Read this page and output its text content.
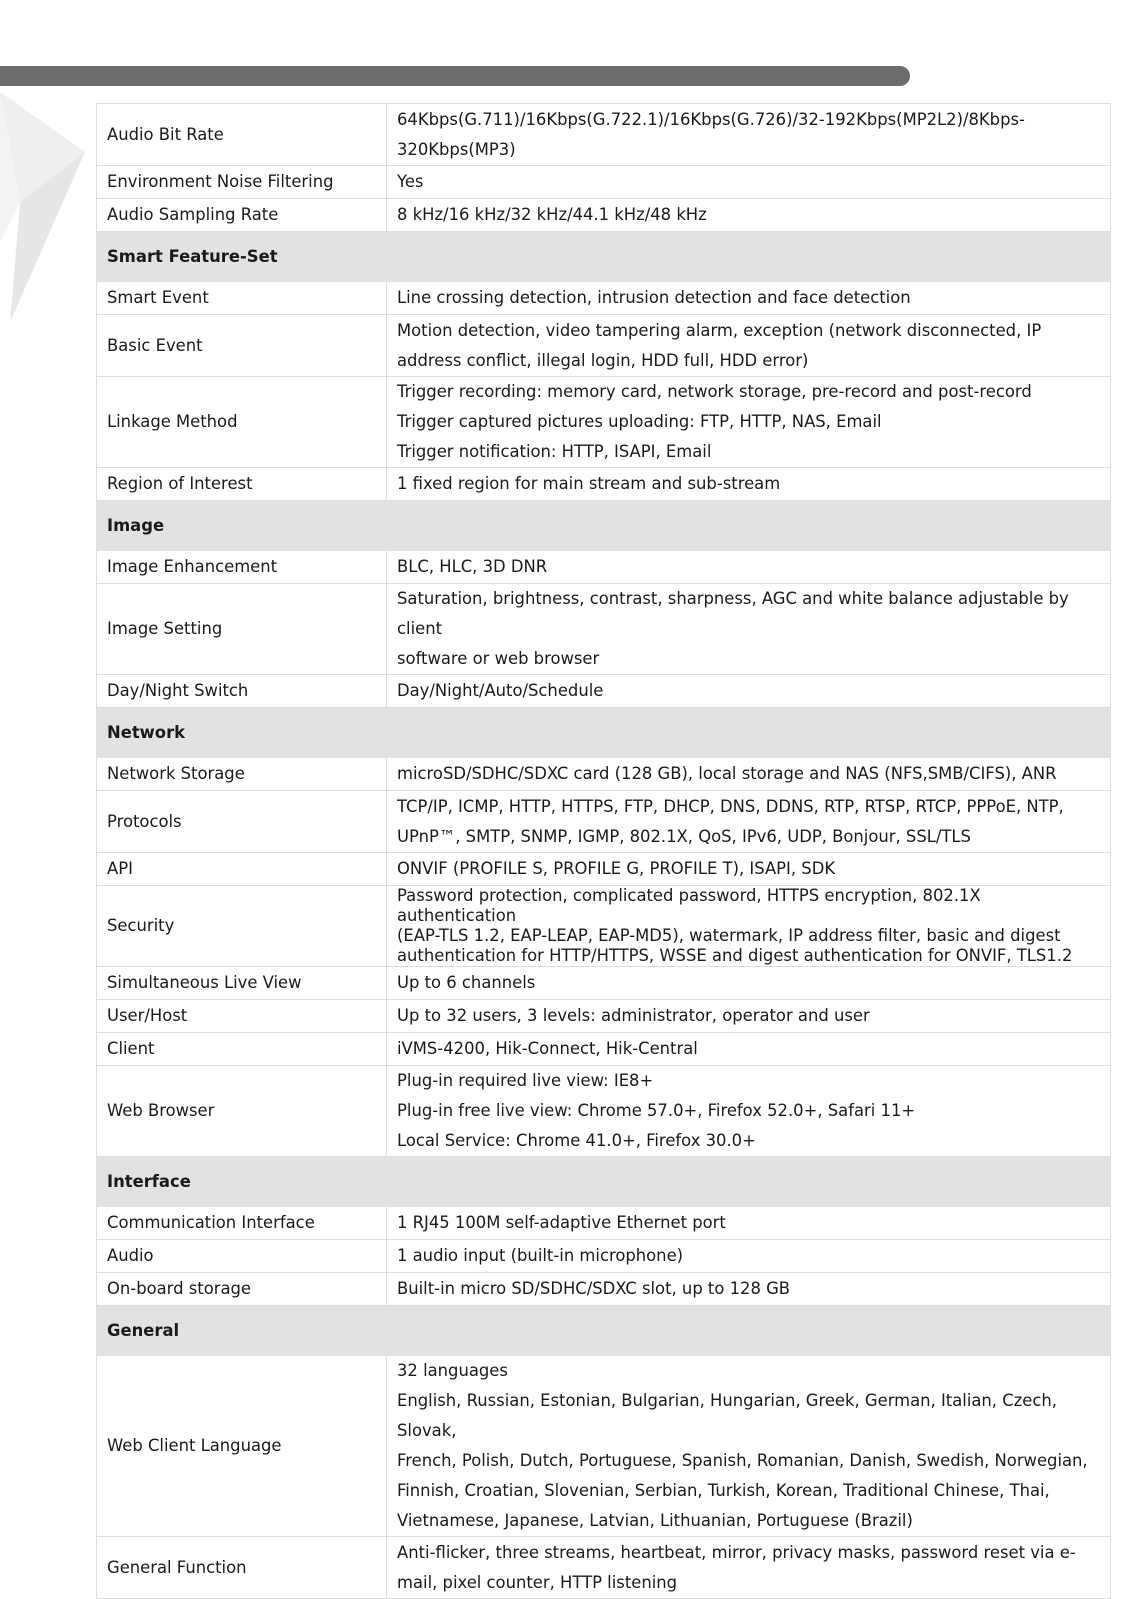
Audio Bit Rate	64Kbps(G.711)/16Kbps(G.722.1)/16Kbps(G.726)/32-192Kbps(MP2L2)/8Kbps-
320Kbps(MP3)

Environment Noise Filtering	Yes

Audio Sampling Rate	8 kHz/16 kHz/32 kHz/44.1 kHz/48 kHz

Smart Feature-Set	
Smart Event	Line crossing detection, intrusion detection and face detection

Basic Event	Motion detection, video tampering alarm, exception (network disconnected, IP
address conflict, illegal login, HDD full, HDD error)

Linkage Method	Trigger recording: memory card, network storage, pre-record and post-record
Trigger captured pictures uploading: FTP, HTTP, NAS, Email
Trigger notification: HTTP, ISAPI, Email

Region of Interest	1 fixed region for main stream and sub-stream

Image	
Image Enhancement	BLC, HLC, 3D DNR

Image Setting	Saturation, brightness, contrast, sharpness, AGC and white balance adjustable by client
software or web browser

Day/Night Switch	Day/Night/Auto/Schedule

Network	
Network Storage	microSD/SDHC/SDXC card (128 GB), local storage and NAS (NFS,SMB/CIFS), ANR

Protocols	TCP/IP, ICMP, HTTP, HTTPS, FTP, DHCP, DNS, DDNS, RTP, RTSP, RTCP, PPPoE, NTP,
UPnP™, SMTP, SNMP, IGMP, 802.1X, QoS, IPv6, UDP, Bonjour, SSL/TLS

API	ONVIF (PROFILE S, PROFILE G, PROFILE T), ISAPI, SDK

Security	Password protection, complicated password, HTTPS encryption, 802.1X authentication
(EAP-TLS 1.2, EAP-LEAP, EAP-MD5), watermark, IP address filter, basic and digest
authentication for HTTP/HTTPS, WSSE and digest authentication for ONVIF, TLS1.2

Simultaneous Live View	Up to 6 channels

User/Host	Up to 32 users, 3 levels: administrator, operator and user

Client	iVMS-4200, Hik-Connect, Hik-Central

Web Browser	Plug-in required live view: IE8+
Plug-in free live view: Chrome 57.0+, Firefox 52.0+, Safari 11+
Local Service: Chrome 41.0+, Firefox 30.0+

Interface	
Communication Interface	1 RJ45 100M self-adaptive Ethernet port

Audio	1 audio input (built-in microphone)

On-board storage	Built-in micro SD/SDHC/SDXC slot, up to 128 GB

General	
Web Client Language	32 languages
English, Russian, Estonian, Bulgarian, Hungarian, Greek, German, Italian, Czech, Slovak,
French, Polish, Dutch, Portuguese, Spanish, Romanian, Danish, Swedish, Norwegian,
Finnish, Croatian, Slovenian, Serbian, Turkish, Korean, Traditional Chinese, Thai,
Vietnamese, Japanese, Latvian, Lithuanian, Portuguese (Brazil)

General Function	Anti-flicker, three streams, heartbeat, mirror, privacy masks, password reset via e-
mail, pixel counter, HTTP listening
